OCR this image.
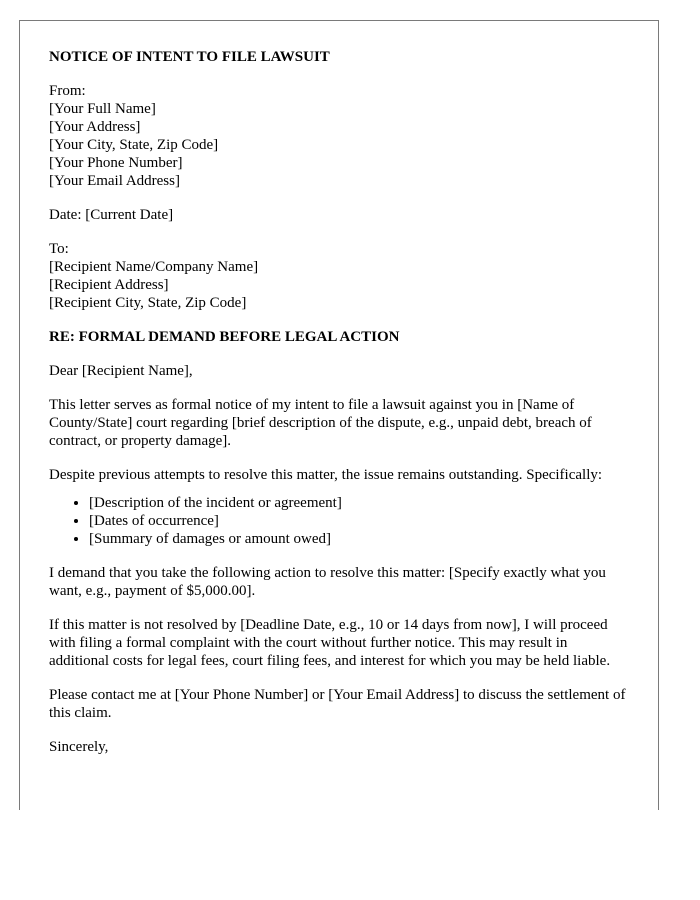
NOTICE OF INTENT TO FILE LAWSUIT
From:
[Your Full Name]
[Your Address]
[Your City, State, Zip Code]
[Your Phone Number]
[Your Email Address]
Date: [Current Date]
To:
[Recipient Name/Company Name]
[Recipient Address]
[Recipient City, State, Zip Code]
RE: FORMAL DEMAND BEFORE LEGAL ACTION

Dear [Recipient Name],

This letter serves as formal notice of my intent to file a lawsuit against you in [Name of County/State] court regarding [brief description of the dispute, e.g., unpaid debt, breach of contract, or property damage].

Despite previous attempts to resolve this matter, the issue remains outstanding. Specifically:

• [Description of the incident or agreement]
• [Dates of occurrence]
• [Summary of damages or amount owed]

I demand that you take the following action to resolve this matter: [Specify exactly what you want, e.g., payment of $5,000.00].

If this matter is not resolved by [Deadline Date, e.g., 10 or 14 days from now], I will proceed with filing a formal complaint with the court without further notice. This may result in additional costs for legal fees, court filing fees, and interest for which you may be held liable.

Please contact me at [Your Phone Number] or [Your Email Address] to discuss the settlement of this claim.

Sincerely,
